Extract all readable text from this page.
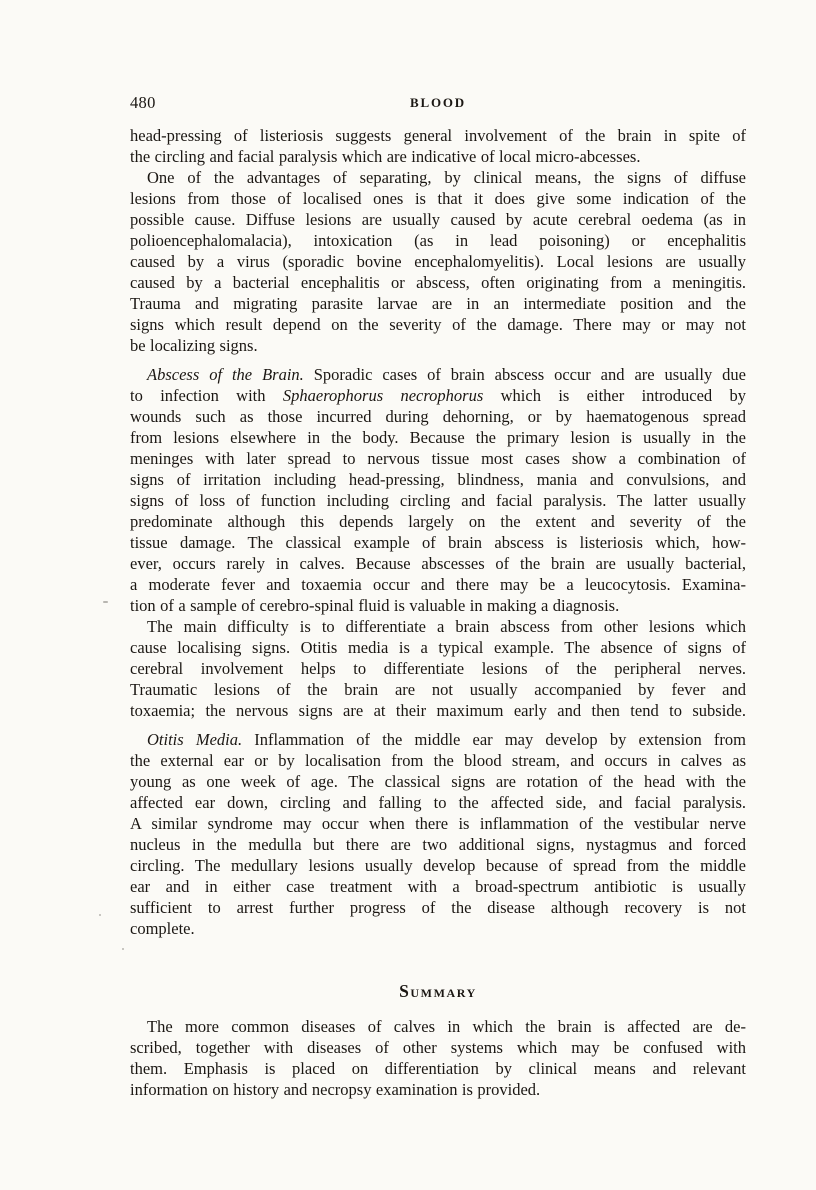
480	BLOOD
head-pressing of listeriosis suggests general involvement of the brain in spite of
the circling and facial paralysis which are indicative of local micro-abcesses.
One of the advantages of separating, by clinical means, the signs of diffuse
lesions from those of localised ones is that it does give some indication of the
possible cause. Diffuse lesions are usually caused by acute cerebral oedema (as in
polioencephalomalacia), intoxication (as in lead poisoning) or encephalitis
caused by a virus (sporadic bovine encephalomyelitis). Local lesions are usually
caused by a bacterial encephalitis or abscess, often originating from a meningitis.
Trauma and migrating parasite larvae are in an intermediate position and the
signs which result depend on the severity of the damage. There may or may not
be localizing signs.
Abscess of the Brain. Sporadic cases of brain abscess occur and are usually due
to infection with Sphaerophorus necrophorus which is either introduced by
wounds such as those incurred during dehorning, or by haematogenous spread
from lesions elsewhere in the body. Because the primary lesion is usually in the
meninges with later spread to nervous tissue most cases show a combination of
signs of irritation including head-pressing, blindness, mania and convulsions, and
signs of loss of function including circling and facial paralysis. The latter usually
predominate although this depends largely on the extent and severity of the
tissue damage. The classical example of brain abscess is listeriosis which, how-
ever, occurs rarely in calves. Because abscesses of the brain are usually bacterial,
a moderate fever and toxaemia occur and there may be a leucocytosis. Examina-
tion of a sample of cerebro-spinal fluid is valuable in making a diagnosis.
The main difficulty is to differentiate a brain abscess from other lesions which
cause localising signs. Otitis media is a typical example. The absence of signs of
cerebral involvement helps to differentiate lesions of the peripheral nerves.
Traumatic lesions of the brain are not usually accompanied by fever and
toxaemia; the nervous signs are at their maximum early and then tend to subside.
Otitis Media. Inflammation of the middle ear may develop by extension from
the external ear or by localisation from the blood stream, and occurs in calves as
young as one week of age. The classical signs are rotation of the head with the
affected ear down, circling and falling to the affected side, and facial paralysis.
A similar syndrome may occur when there is inflammation of the vestibular nerve
nucleus in the medulla but there are two additional signs, nystagmus and forced
circling. The medullary lesions usually develop because of spread from the middle
ear and in either case treatment with a broad-spectrum antibiotic is usually
sufficient to arrest further progress of the disease although recovery is not
complete.
Summary
The more common diseases of calves in which the brain is affected are de-
scribed, together with diseases of other systems which may be confused with
them. Emphasis is placed on differentiation by clinical means and relevant
information on history and necropsy examination is provided.
